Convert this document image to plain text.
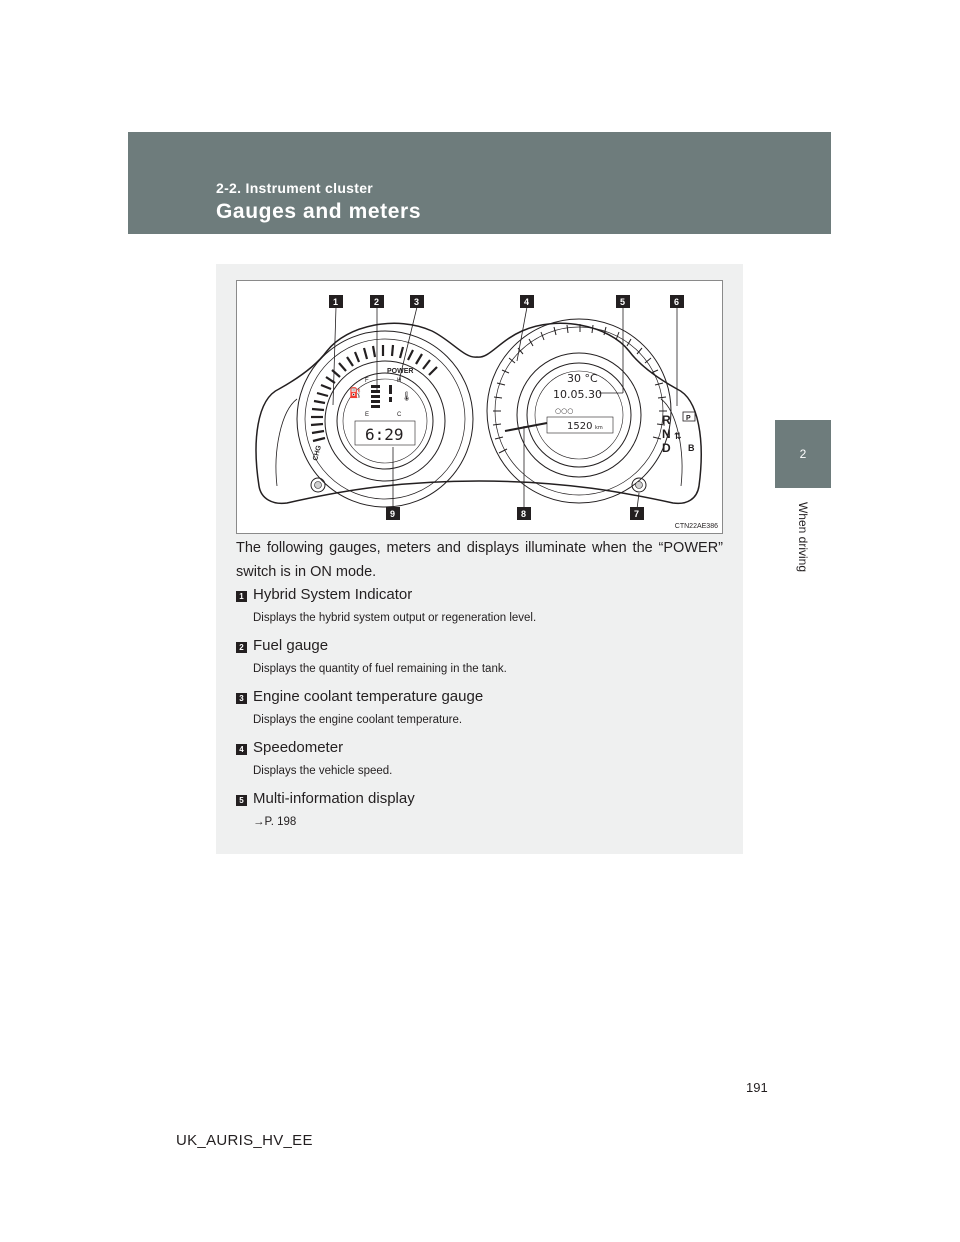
2-2. Instrument cluster
Gauges and meters
2
When driving
POWER
CHG
F
E
⛽
H
C
🌡
6:29
30 °C
10.05.30
○○○
1520 km
R
N
D B
P
⇅
1	2	3	4	5	6
7
8
9
CTN22AE386

The following gauges, meters and displays illuminate when the “POWER” switch is in ON mode.

1 Hybrid System Indicator
Displays the hybrid system output or regeneration level.
2 Fuel gauge
Displays the quantity of fuel remaining in the tank.
3 Engine coolant temperature gauge
Displays the engine coolant temperature.
4 Speedometer
Displays the vehicle speed.
5 Multi-information display
→P. 198
191
UK_AURIS_HV_EE
